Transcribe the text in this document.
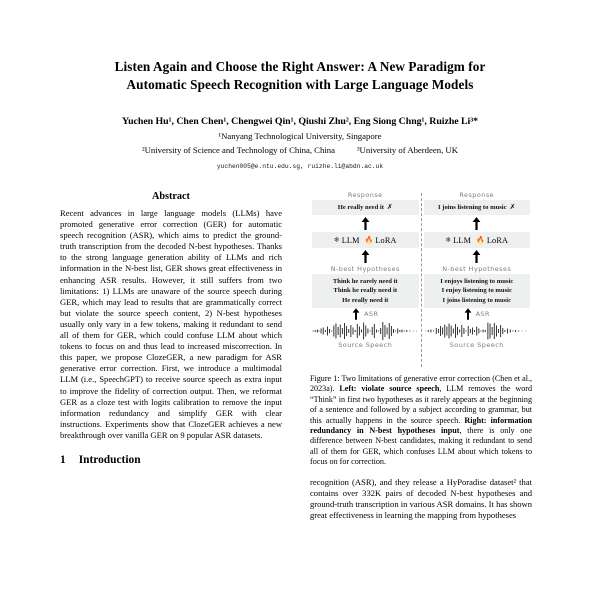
Listen Again and Choose the Right Answer: A New Paradigm for
Automatic Speech Recognition with Large Language Models
Yuchen Hu¹, Chen Chen¹, Chengwei Qin¹, Qiushi Zhu², Eng Siong Chng¹, Ruizhe Li³*
¹Nanyang Technological University, Singapore
²University of Science and Technology of China, China	³University of Aberdeen, UK
yuchen005@e.ntu.edu.sg, ruizhe.li@abdn.ac.uk
Abstract

Recent advances in large language models (LLMs) have promoted generative error correction (GER) for automatic speech recognition (ASR), which aims to predict the ground-truth transcription from the decoded N-best hypotheses. Thanks to the strong language generation ability of LLMs and rich information in the N-best list, GER shows great effectiveness in enhancing ASR results. However, it still suffers from two limitations: 1) LLMs are unaware of the source speech during GER, which may lead to results that are grammatically correct but violate the source speech content, 2) N-best hypotheses usually only vary in a few tokens, making it redundant to send all of them for GER, which could confuse LLM about which tokens to focus on and thus lead to increased miscorrection. In this paper, we propose ClozeGER, a new paradigm for ASR generative error correction. First, we introduce a multimodal LLM (i.e., SpeechGPT) to receive source speech as extra input to improve the fidelity of correction output. Then, we reformat GER as a cloze test with logits calibration to remove the input information redundancy and simplify GER with clear instructions. Experiments show that ClozeGER achieves a new breakthrough over vanilla GER on 9 popular ASR datasets.

1 Introduction
Response
He really need it ✗
❄ LLM 🔥 LoRA
N-best Hypotheses
Think he rarely need it
Think he really need it
He really need it
ASR
Source Speech
Response
I joins listening to music ✗
❄ LLM 🔥 LoRA
N-best Hypotheses
I enjoys listening to music
I enjoy listening to music
I joins listening to music
ASR
Source Speech
Figure 1: Two limitations of generative error correction (Chen et al., 2023a). Left: violate source speech, LLM removes the word “Think” in first two hypotheses as it rarely appears at the beginning of a sentence and followed by a subject according to grammar, but this actually happens in the source speech. Right: information redundancy in N-best hypotheses input, there is only one difference between N-best candidates, making it redundant to send all of them for GER, which confuses LLM about which tokens to focus on for correction.

recognition (ASR), and they release a HyPoradise dataset² that contains over 332K pairs of decoded N-best hypotheses and ground-truth transcription in various ASR domains. It has shown great effectiveness in learning the mapping from hypotheses
